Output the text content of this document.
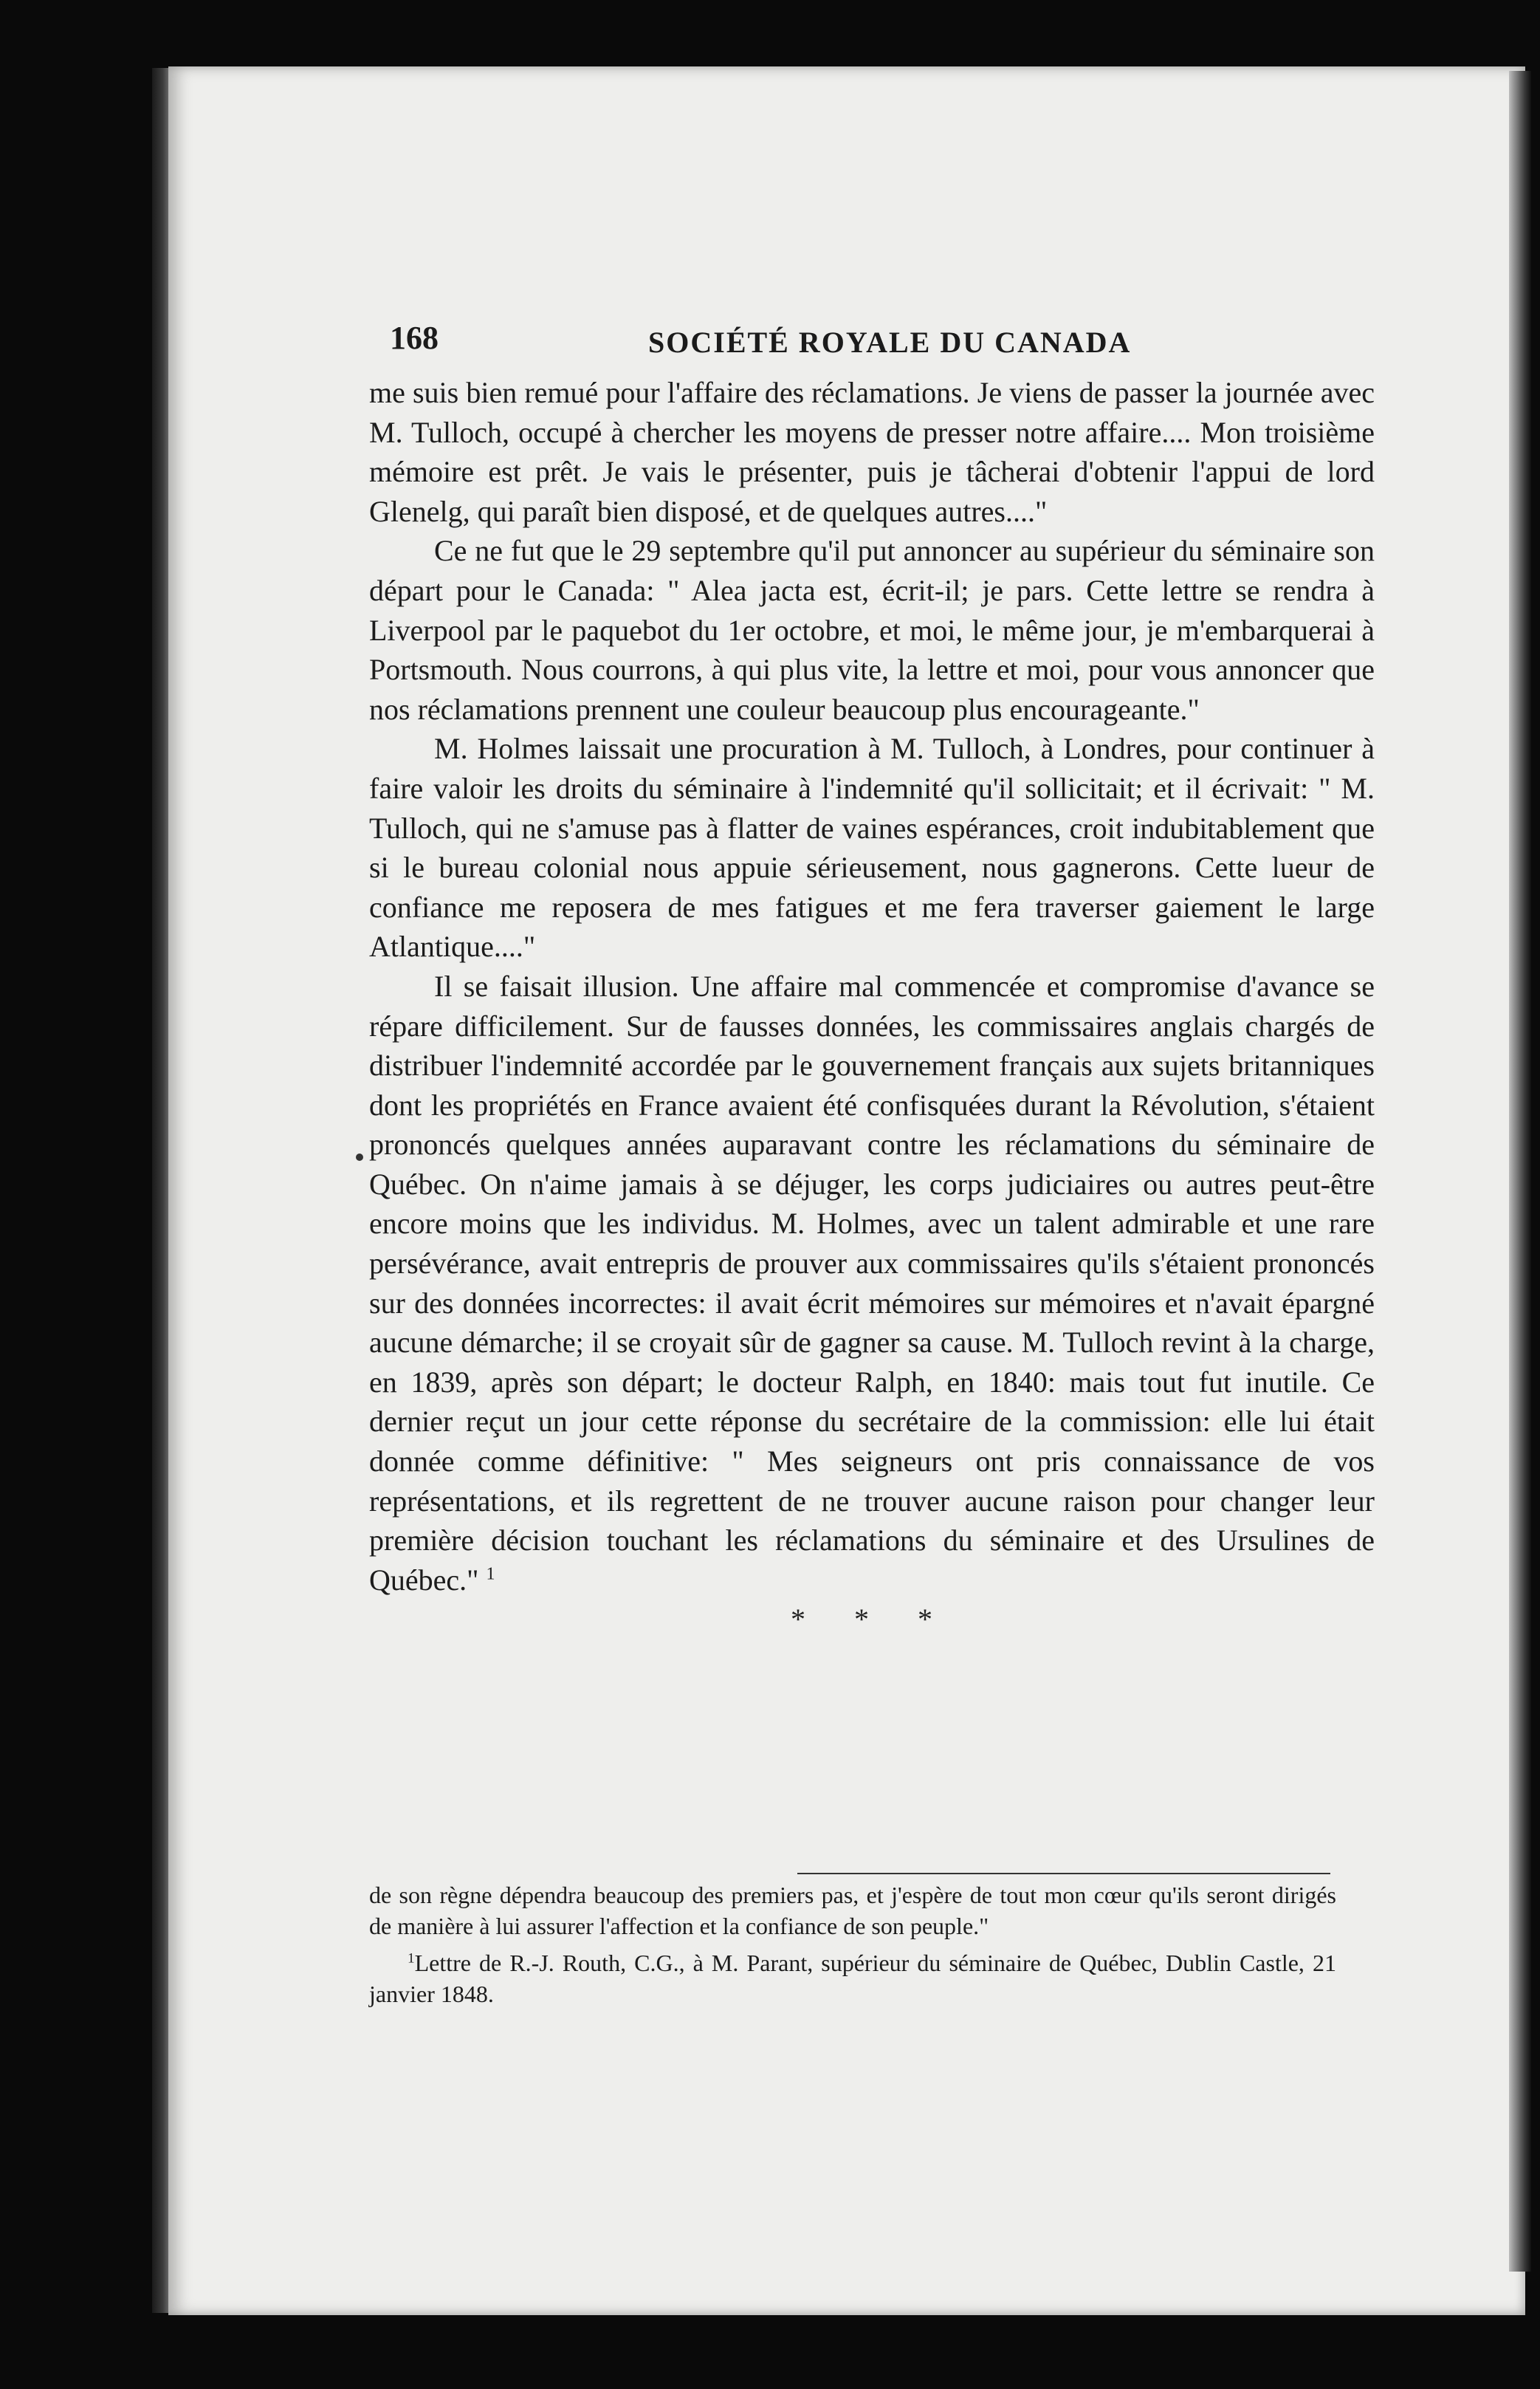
168	SOCIÉTÉ ROYALE DU CANADA

me suis bien remué pour l'affaire des réclamations. Je viens de passer la journée avec M. Tulloch, occupé à chercher les moyens de presser notre affaire.... Mon troisième mémoire est prêt. Je vais le présenter, puis je tâcherai d'obtenir l'appui de lord Glenelg, qui paraît bien disposé, et de quelques autres...."

Ce ne fut que le 29 septembre qu'il put annoncer au supérieur du séminaire son départ pour le Canada: " Alea jacta est, écrit-il; je pars. Cette lettre se rendra à Liverpool par le paquebot du 1er octobre, et moi, le même jour, je m'embarquerai à Portsmouth. Nous courrons, à qui plus vite, la lettre et moi, pour vous annoncer que nos réclamations prennent une couleur beaucoup plus encourageante."

M. Holmes laissait une procuration à M. Tulloch, à Londres, pour continuer à faire valoir les droits du séminaire à l'indemnité qu'il sollicitait; et il écrivait: " M. Tulloch, qui ne s'amuse pas à flatter de vaines espérances, croit indubitablement que si le bureau colonial nous appuie sérieusement, nous gagnerons. Cette lueur de confiance me reposera de mes fatigues et me fera traverser gaiement le large Atlantique...."

Il se faisait illusion. Une affaire mal commencée et compromise d'avance se répare difficilement. Sur de fausses données, les commissaires anglais chargés de distribuer l'indemnité accordée par le gouvernement français aux sujets britanniques dont les propriétés en France avaient été confisquées durant la Révolution, s'étaient prononcés quelques années auparavant contre les réclamations du séminaire de Québec. On n'aime jamais à se déjuger, les corps judiciaires ou autres peut-être encore moins que les individus. M. Holmes, avec un talent admirable et une rare persévérance, avait entrepris de prouver aux commissaires qu'ils s'étaient prononcés sur des données incorrectes: il avait écrit mémoires sur mémoires et n'avait épargné aucune démarche; il se croyait sûr de gagner sa cause. M. Tulloch revint à la charge, en 1839, après son départ; le docteur Ralph, en 1840: mais tout fut inutile. Ce dernier reçut un jour cette réponse du secrétaire de la commission: elle lui était donnée comme définitive: " Mes seigneurs ont pris connaissance de vos représentations, et ils regrettent de ne trouver aucune raison pour changer leur première décision touchant les réclamations du séminaire et des Ursulines de Québec." $^1$

* * *

de son règne dépendra beaucoup des premiers pas, et j'espère de tout mon cœur qu'ils seront dirigés de manière à lui assurer l'affection et la confiance de son peuple."

$^1$Lettre de R.-J. Routh, C.G., à M. Parant, supérieur du séminaire de Québec, Dublin Castle, 21 janvier 1848.
